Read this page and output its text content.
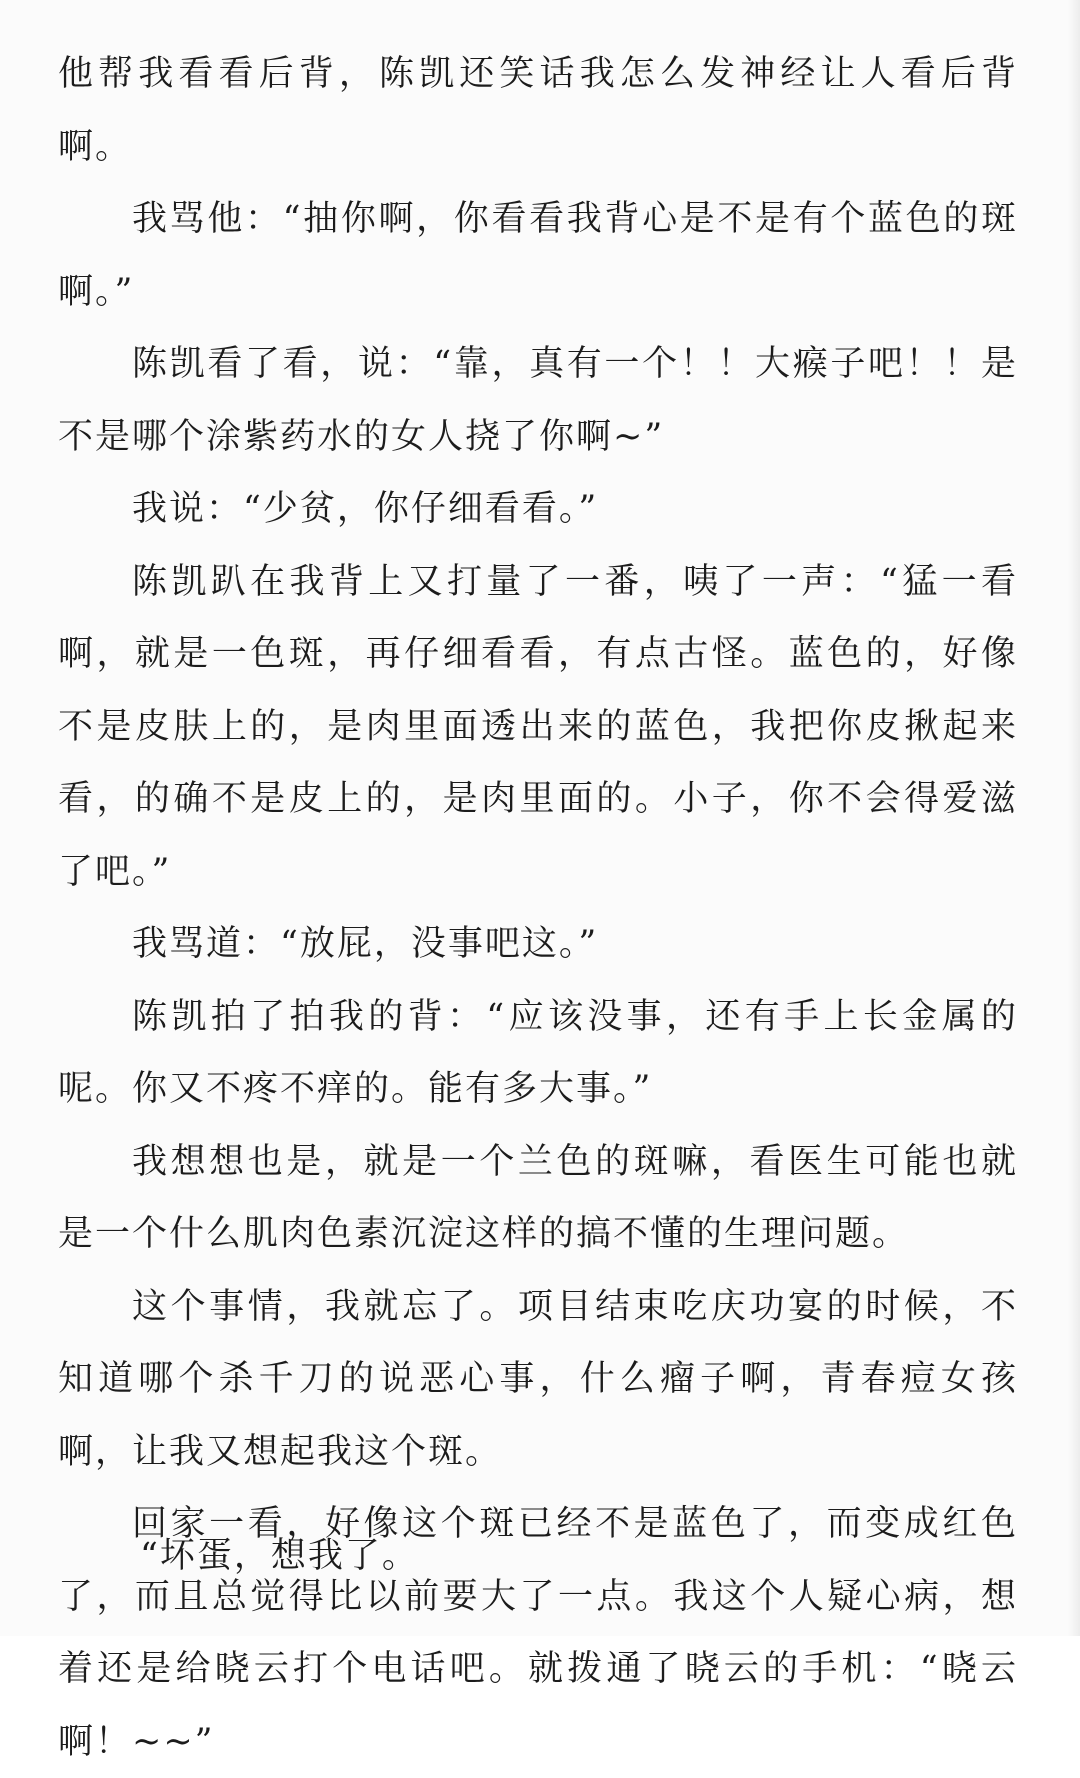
他帮我看看后背，陈凯还笑话我怎么发神经让人看后背啊。

我骂他：“抽你啊，你看看我背心是不是有个蓝色的斑啊。”

陈凯看了看，说：“靠，真有一个！！大瘊子吧！！是不是哪个涂紫药水的女人挠了你啊~”

我说：“少贫，你仔细看看。”

陈凯趴在我背上又打量了一番，咦了一声：“猛一看啊，就是一色斑，再仔细看看，有点古怪。蓝色的，好像不是皮肤上的，是肉里面透出来的蓝色，我把你皮揪起来看，的确不是皮上的，是肉里面的。小子，你不会得爱滋了吧。”

我骂道：“放屁，没事吧这。”

陈凯拍了拍我的背：“应该没事，还有手上长金属的呢。你又不疼不痒的。能有多大事。”

我想想也是，就是一个兰色的斑嘛，看医生可能也就是一个什么肌肉色素沉淀这样的搞不懂的生理问题。

这个事情，我就忘了。项目结束吃庆功宴的时候，不知道哪个杀千刀的说恶心事，什么瘤子啊，青春痘女孩啊，让我又想起我这个斑。

回家一看，好像这个斑已经不是蓝色了，而变成红色了，而且总觉得比以前要大了一点。我这个人疑心病，想着还是给晓云打个电话吧。就拨通了晓云的手机：“晓云啊！~~”

“坏蛋，想我了。
